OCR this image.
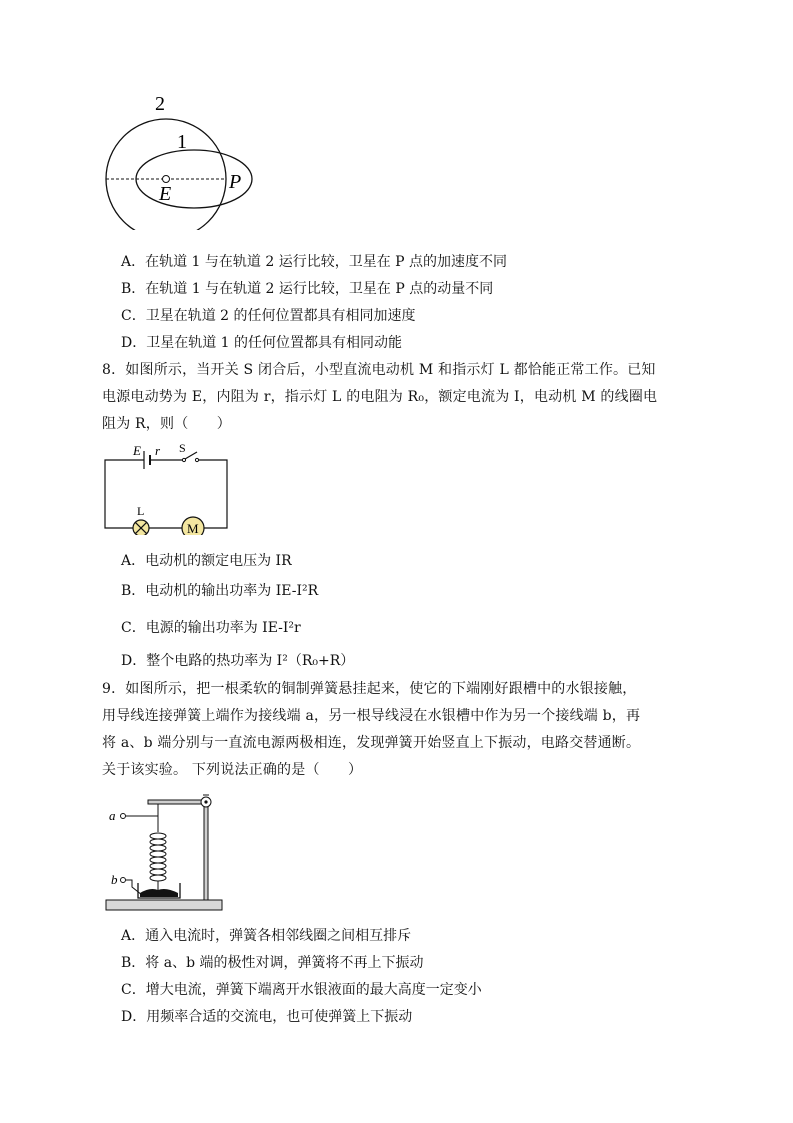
2
1
E
P
A．在轨道 1 与在轨道 2 运行比较，卫星在 P 点的加速度不同
B．在轨道 1 与在轨道 2 运行比较，卫星在 P 点的动量不同
C．卫星在轨道 2 的任何位置都具有相同加速度
D．卫星在轨道 1 的任何位置都具有相同动能
8．如图所示，当开关 S 闭合后，小型直流电动机 M 和指示灯 L 都恰能正常工作。已知
电源电动势为 E，内阻为 r，指示灯 L 的电阻为 R₀，额定电流为 I，电动机 M 的线圈电
阻为 R，则（　　）
M
E r S
L
A．电动机的额定电压为 IR
B．电动机的输出功率为 IE-I²R
C．电源的输出功率为 IE-I²r
D．整个电路的热功率为 I²（R₀+R）
9．如图所示，把一根柔软的铜制弹簧悬挂起来，使它的下端刚好跟槽中的水银接触，
用导线连接弹簧上端作为接线端 a，另一根导线浸在水银槽中作为另一个接线端 b，再
将 a、b 端分别与一直流电源两极相连，发现弹簧开始竖直上下振动，电路交替通断。
关于该实验。 下列说法正确的是（　　）
a
b
A．通入电流时，弹簧各相邻线圈之间相互排斥
B．将 a、b 端的极性对调，弹簧将不再上下振动
C．增大电流，弹簧下端离开水银液面的最大高度一定变小
D．用频率合适的交流电，也可使弹簧上下振动
